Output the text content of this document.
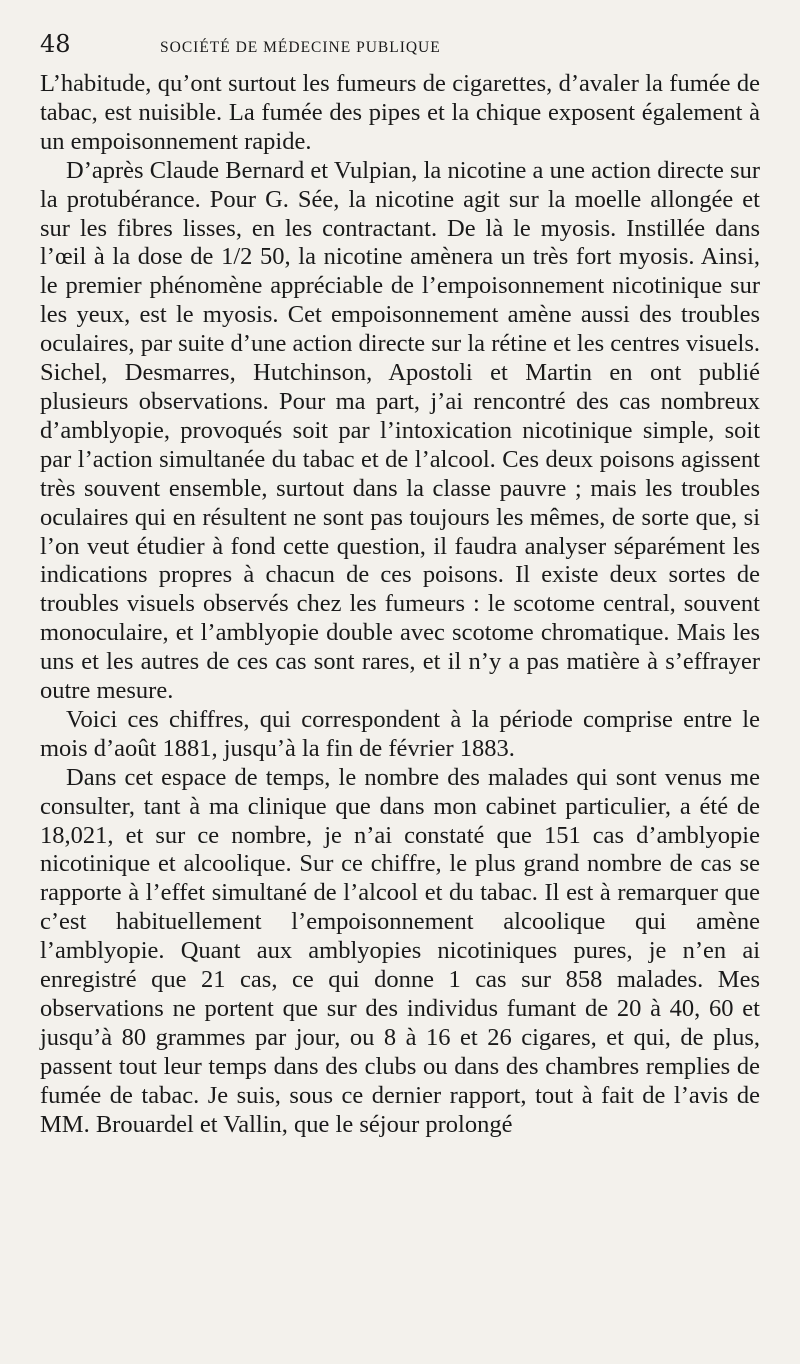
48	SOCIÉTÉ DE MÉDECINE PUBLIQUE

L’habitude, qu’ont surtout les fumeurs de cigarettes, d’avaler la fumée de tabac, est nuisible. La fumée des pipes et la chique exposent également à un empoisonnement rapide.

D’après Claude Bernard et Vulpian, la nicotine a une action directe sur la protubérance. Pour G. Sée, la nicotine agit sur la moelle allongée et sur les fibres lisses, en les contractant. De là le myosis. Instillée dans l’œil à la dose de 1/2 50, la nicotine amènera un très fort myosis. Ainsi, le premier phénomène appréciable de l’empoisonnement nicotinique sur les yeux, est le myosis. Cet empoisonnement amène aussi des troubles oculaires, par suite d’une action directe sur la rétine et les centres visuels. Sichel, Desmarres, Hutchinson, Apostoli et Martin en ont publié plusieurs observations. Pour ma part, j’ai rencontré des cas nombreux d’amblyopie, provoqués soit par l’intoxication nicotinique simple, soit par l’action simultanée du tabac et de l’alcool. Ces deux poisons agissent très souvent ensemble, surtout dans la classe pauvre ; mais les troubles oculaires qui en résultent ne sont pas toujours les mêmes, de sorte que, si l’on veut étudier à fond cette question, il faudra analyser séparément les indications propres à chacun de ces poisons. Il existe deux sortes de troubles visuels observés chez les fumeurs : le scotome central, souvent monoculaire, et l’amblyopie double avec scotome chromatique. Mais les uns et les autres de ces cas sont rares, et il n’y a pas matière à s’effrayer outre mesure.

Voici ces chiffres, qui correspondent à la période comprise entre le mois d’août 1881, jusqu’à la fin de février 1883.

Dans cet espace de temps, le nombre des malades qui sont venus me consulter, tant à ma clinique que dans mon cabinet particulier, a été de 18,021, et sur ce nombre, je n’ai constaté que 151 cas d’amblyopie nicotinique et alcoolique. Sur ce chiffre, le plus grand nombre de cas se rapporte à l’effet simultané de l’alcool et du tabac. Il est à remarquer que c’est habituellement l’empoisonnement alcoolique qui amène l’amblyopie. Quant aux amblyopies nicotiniques pures, je n’en ai enregistré que 21 cas, ce qui donne 1 cas sur 858 malades. Mes observations ne portent que sur des individus fumant de 20 à 40, 60 et jusqu’à 80 grammes par jour, ou 8 à 16 et 26 cigares, et qui, de plus, passent tout leur temps dans des clubs ou dans des chambres remplies de fumée de tabac. Je suis, sous ce dernier rapport, tout à fait de l’avis de MM. Brouardel et Vallin, que le séjour prolongé
